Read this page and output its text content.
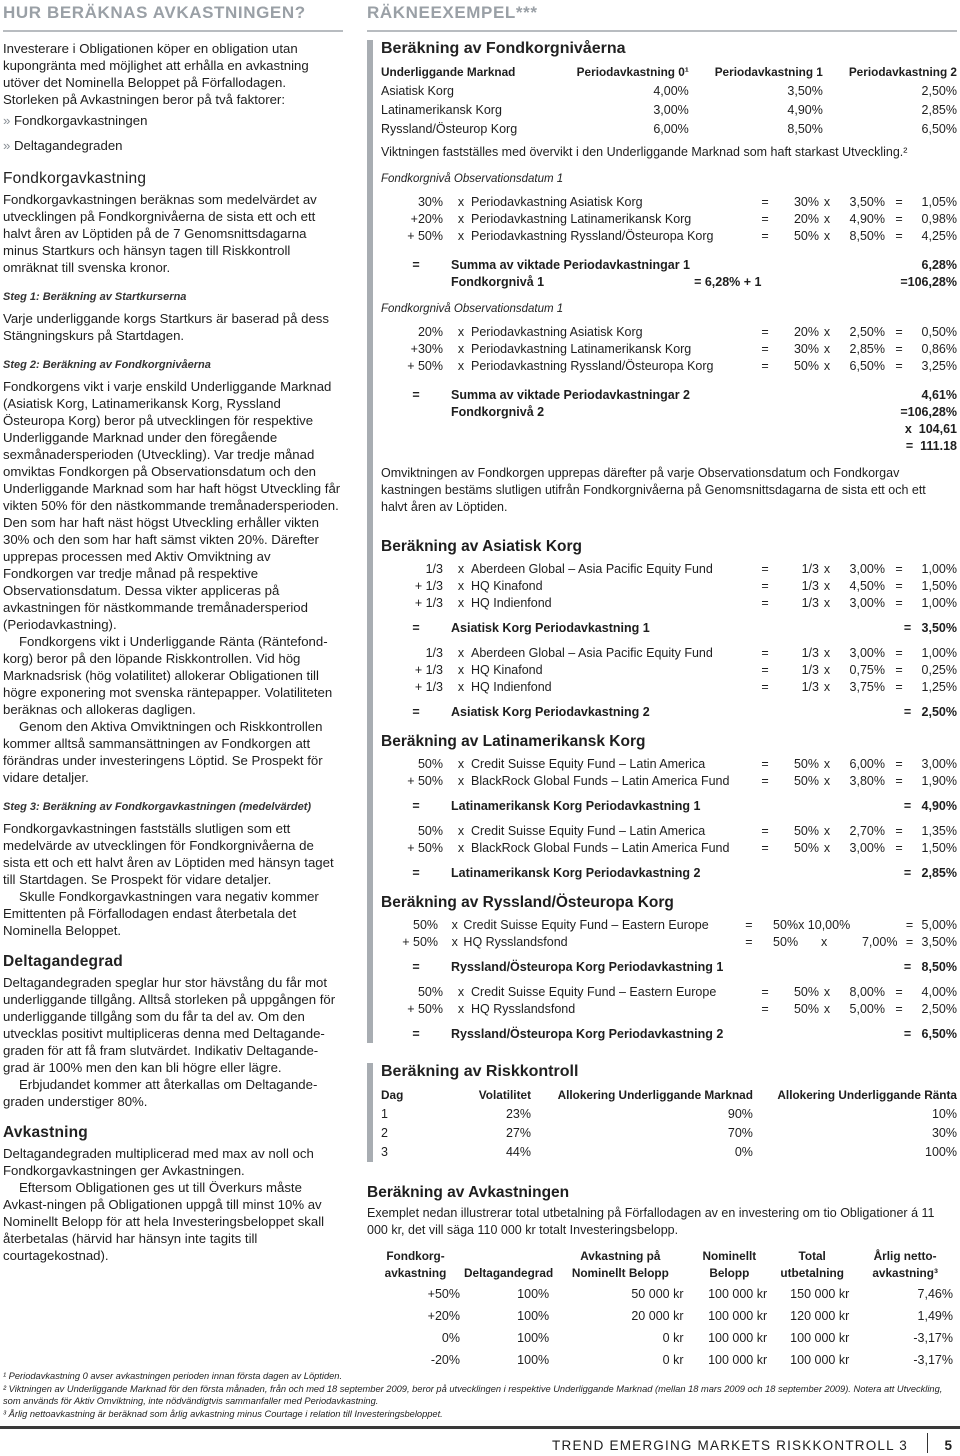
HUR BERÄKNAS AVKASTNINGEN?

Investerare i Obligationen köper en obligation utan kupongränta med möjlighet att erhålla en avkastning utöver det Nominella Beloppet på Förfallodagen.

Storleken på Avkastningen beror på två faktorer:

» Fondkorgavkastningen

» Deltagandegraden

Fondkorgavkastning

Fondkorgavkastningen beräknas som medelvärdet av utvecklingen på Fondkorgnivåerna de sista ett och ett halvt åren av Löptiden på de 7 Genomsnittsdagarna minus Startkurs och hänsyn tagen till Riskkontroll omräknat till svenska kronor.

Steg 1: Beräkning av Startkurserna

Varje underliggande korgs Startkurs är baserad på dess Stängningskurs på Startdagen.

Steg 2: Beräkning av Fondkorgnivåerna

Fondkorgens vikt i varje enskild Underliggande Marknad (Asiatisk Korg, Latinamerikansk Korg, Ryssland Östeuropa Korg) beror på utvecklingen för respektive Underliggande Marknad under den föregående sexmånadersperioden (Utveckling). Var tredje månad omviktas Fondkorgen på Observationsdatum och den Underliggande Marknad som har haft högst Utveckling får vikten 50% för den nästkommande tremånadersperioden. Den som har haft näst högst Utveckling erhåller vikten 30% och den som har haft sämst vikten 20%. Därefter upprepas processen med Aktiv Omviktning av Fondkorgen var tredje månad på respektive Observationsdatum. Dessa vikter appliceras på avkastningen för nästkommande tremånadersperiod (Periodavkastning).

Fondkorgens vikt i Underliggande Ränta (Räntefond-korg) beror på den löpande Riskkontrollen. Vid hög Marknadsrisk (hög volatilitet) allokerar Obligationen till högre exponering mot svenska räntepapper. Volatiliteten beräknas och allokeras dagligen.

Genom den Aktiva Omviktningen och Riskkontrollen kommer alltså sammansättningen av Fondkorgen att förändras under investeringens Löptid. Se Prospekt för vidare detaljer.

Steg 3: Beräkning av Fondkorgavkastningen (medelvärdet)

Fondkorgavkastningen fastställs slutligen som ett medelvärde av utvecklingen för Fondkorgnivåerna de sista ett och ett halvt åren av Löptiden med hänsyn taget till Startdagen. Se Prospekt för vidare detaljer.

Skulle Fondkorgavkastningen vara negativ kommer Emittenten på Förfallodagen endast återbetala det Nominella Beloppet.

Deltagandegrad

Deltagandegraden speglar hur stor hävstång du får mot underliggande tillgång. Alltså storleken på uppgången för underliggande tillgång som du får ta del av. Om den utvecklas positivt multipliceras denna med Deltagande-graden för att få fram slutvärdet. Indikativ Deltagande-grad är 100% men den kan bli högre eller lägre.

Erbjudandet kommer att återkallas om Deltagande-graden understiger 80%.

Avkastning

Deltagandegraden multiplicerad med max av noll och Fondkorgavkastningen ger Avkastningen.

Eftersom Obligationen ges ut till Överkurs måste Avkast-ningen på Obligationen uppgå till minst 10% av Nominellt Belopp för att hela Investeringsbeloppet skall återbetalas (härvid har hänsyn inte tagits till courtagekostnad).

RÄKNEEXEMPEL***
Beräkning av Fondkorgnivåerna
Underliggande Marknad	Periodavkastning 0¹	Periodavkastning 1	Periodavkastning 2
Asiatisk Korg	4,00%	3,50%	2,50%
Latinamerikansk Korg	3,00%	4,90%	2,85%
Ryssland/Östeurop Korg	6,00%	8,50%	6,50%
Viktningen fastställes med övervikt i den Underliggande Marknad som haft starkast Utveckling.²
Fondkorgnivå Observationsdatum 1
30%	x	Periodavkastning Asiatisk Korg	=	30%	x	3,50%	=	1,05%
+20%	x	Periodavkastning Latinamerikansk Korg	=	20%	x	4,90%	=	0,98%
+ 50%	x	Periodavkastning Ryssland/Östeuropa Korg	=	50%	x	8,50%	=	4,25%
=	Summa av viktade Periodavkastningar 1	6,28%
	Fondkorgnivå 1 = 6,28% + 1	=106,28%
Fondkorgnivå Observationsdatum 1
20%	x	Periodavkastning Asiatisk Korg	=	20%	x	2,50%	=	0,50%
+30%	x	Periodavkastning Latinamerikansk Korg	=	30%	x	2,85%	=	0,86%
+ 50%	x	Periodavkastning Ryssland/Östeuropa Korg	=	50%	x	6,50%	=	3,25%
=	Summa av viktade Periodavkastningar 2	4,61%
	Fondkorgnivå 2	=106,28%
		x  104,61
		=  111.18
Omviktningen av Fondkorgen upprepas därefter på varje Observationsdatum och Fondkorgav kastningen bestäms slutligen utifrån Fondkorgnivåerna på Genomsnittsdagarna de sista ett och ett halvt åren av Löptiden.
Beräkning av Asiatisk Korg
1/3	x	Aberdeen Global – Asia Pacific Equity Fund	=	1/3	x	3,00%	=	1,00%
+ 1/3	x	HQ Kinafond	=	1/3	x	4,50%	=	1,50%
+ 1/3	x	HQ Indienfond	=	1/3	x	3,00%	=	1,00%
=	Asiatisk Korg Periodavkastning 1	=   3,50%
1/3	x	Aberdeen Global – Asia Pacific Equity Fund	=	1/3	x	3,00%	=	1,00%
+ 1/3	x	HQ Kinafond	=	1/3	x	0,75%	=	0,25%
+ 1/3	x	HQ Indienfond	=	1/3	x	3,75%	=	1,25%
=	Asiatisk Korg Periodavkastning 2	=   2,50%
Beräkning av Latinamerikansk Korg
50%	x	Credit Suisse Equity Fund – Latin America	=	50%	x	6,00%	=	3,00%
+ 50%	x	BlackRock Global Funds – Latin America Fund	=	50%	x	3,80%	=	1,90%
=	Latinamerikansk Korg Periodavkastning 1	=   4,90%
50%	x	Credit Suisse Equity Fund – Latin America	=	50%	x	2,70%	=	1,35%
+ 50%	x	BlackRock Global Funds – Latin America Fund	=	50%	x	3,00%	=	1,50%
=	Latinamerikansk Korg Periodavkastning 2	=   2,85%
Beräkning av Ryssland/Östeuropa Korg
50%	x	Credit Suisse Equity Fund – Eastern Europe	=	50%	x 10,00%		=	5,00%
+ 50%	x	HQ Rysslandsfond	=	50%	x	7,00%	=	3,50%
=	Ryssland/Östeuropa Korg Periodavkastning 1	=   8,50%
50%	x	Credit Suisse Equity Fund – Eastern Europe	=	50%	x	8,00%	=	4,00%
+ 50%	x	HQ Rysslandsfond	=	50%	x	5,00%	=	2,50%
=	Ryssland/Östeuropa Korg Periodavkastning 2	=   6,50%
Beräkning av Riskkontroll
Dag	Volatilitet	Allokering Underliggande Marknad	Allokering Underliggande Ränta
1	23%	90%	10%
2	27%	70%	30%
3	44%	0%	100%
Beräkning av Avkastningen
Exemplet nedan illustrerar total utbetalning på Förfallodagen av en investering om tio Obligationer á 11 000 kr, det vill säga 110 000 kr totalt Investeringsbelopp.
Fondkorg-avkastning	Deltagandegrad	Avkastning på Nominellt Belopp	Nominellt Belopp	Total utbetalning	Årlig netto-avkastning³
+50%	100%	50 000 kr	100 000 kr	150 000 kr	7,46%
+20%	100%	20 000 kr	100 000 kr	120 000 kr	1,49%
0%	100%	0 kr	100 000 kr	100 000 kr	-3,17%
-20%	100%	0 kr	100 000 kr	100 000 kr	-3,17%
¹ Periodavkastning 0 avser avkastningen perioden innan första dagen av Löptiden.
² Viktningen av Underliggande Marknad för den första månaden, från och med 18 september 2009, beror på utvecklingen i respektive Underliggande Marknad (mellan 18 mars 2009 och 18 september 2009). Notera att Utveckling, som används för Aktiv Omviktning, inte nödvändigtvis sammanfaller med Periodavkastning.
³ Årlig nettoavkastning är beräknad som årlig avkastning minus Courtage i relation till Investeringsbeloppet.
TREND EMERGING MARKETS RISKKONTROLL 3	5
